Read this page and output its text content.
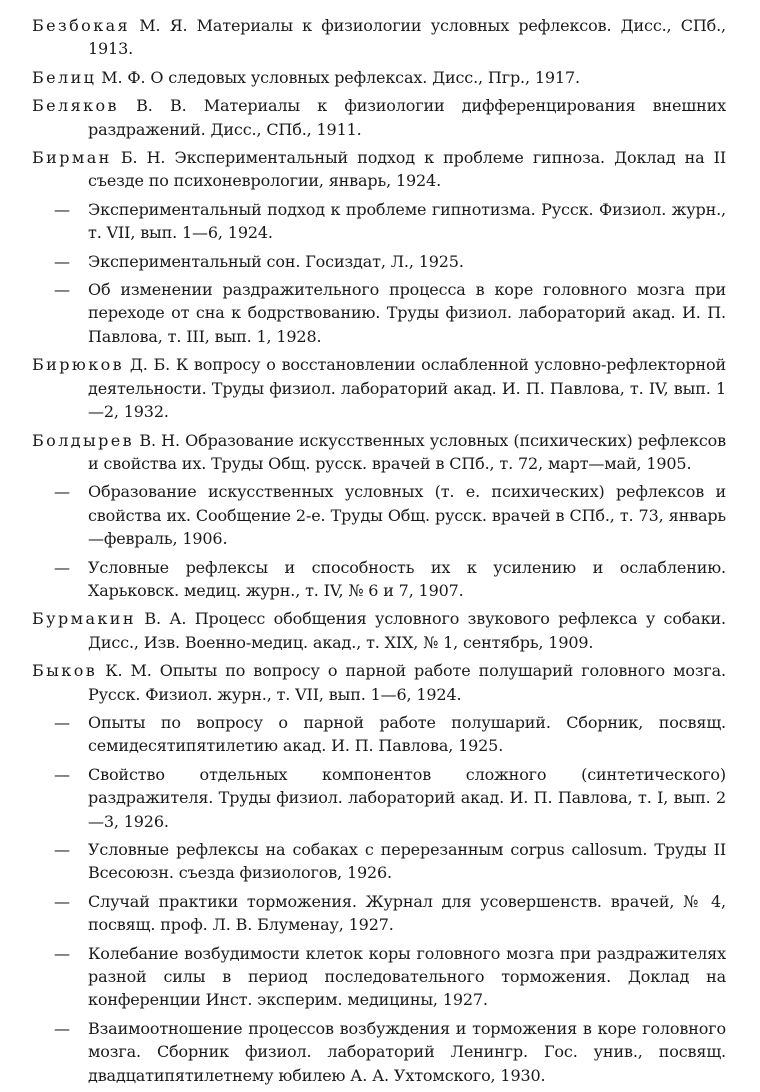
Безбокая М. Я. Материалы к физиологии условных рефлексов. Дисс., СПб., 1913.
Белиц М. Ф. О следовых условных рефлексах. Дисс., Пгр., 1917.
Беляков В. В. Материалы к физиологии дифференцирования внешних раздражений. Дисс., СПб., 1911.
Бирман Б. Н. Экспериментальный подход к проблеме гипноза. Доклад на II съезде по психоневрологии, январь, 1924.
— Экспериментальный подход к проблеме гипнотизма. Русск. Физиол. журн., т. VII, вып. 1—6, 1924.
— Экспериментальный сон. Госиздат, Л., 1925.
— Об изменении раздражительного процесса в коре головного мозга при переходе от сна к бодрствованию. Труды физиол. лабораторий акад. И. П. Павлова, т. III, вып. 1, 1928.
Бирюков Д. Б. К вопросу о восстановлении ослабленной условно-рефлекторной деятельности. Труды физиол. лабораторий акад. И. П. Павлова, т. IV, вып. 1—2, 1932.
Болдырев В. Н. Образование искусственных условных (психических) рефлексов и свойства их. Труды Общ. русск. врачей в СПб., т. 72, март—май, 1905.
— Образование искусственных условных (т. е. психических) рефлексов и свойства их. Сообщение 2-е. Труды Общ. русск. врачей в СПб., т. 73, январь—февраль, 1906.
— Условные рефлексы и способность их к усилению и ослаблению. Харьковск. медиц. журн., т. IV, № 6 и 7, 1907.
Бурмакин В. А. Процесс обобщения условного звукового рефлекса у собаки. Дисс., Изв. Военно-медиц. акад., т. XIX, № 1, сентябрь, 1909.
Быков К. М. Опыты по вопросу о парной работе полушарий головного мозга. Русск. Физиол. журн., т. VII, вып. 1—6, 1924.
— Опыты по вопросу о парной работе полушарий. Сборник, посвящ. семидесятипятилетию акад. И. П. Павлова, 1925.
— Свойство отдельных компонентов сложного (синтетического) раздражителя. Труды физиол. лабораторий акад. И. П. Павлова, т. I, вып. 2—3, 1926.
— Условные рефлексы на собаках с перерезанным corpus callosum. Труды II Всесоюзн. съезда физиологов, 1926.
— Случай практики торможения. Журнал для усовершенств. врачей, № 4, посвящ. проф. Л. В. Блуменау, 1927.
— Колебание возбудимости клеток коры головного мозга при раздражителях разной силы в период последовательного торможения. Доклад на конференции Инст. эксперим. медицины, 1927.
— Взаимоотношение процессов возбуждения и торможения в коре головного мозга. Сборник физиол. лабораторий Ленингр. Гос. унив., посвящ. двадцатипятилетнему юбилею А. А. Ухтомского, 1930.
